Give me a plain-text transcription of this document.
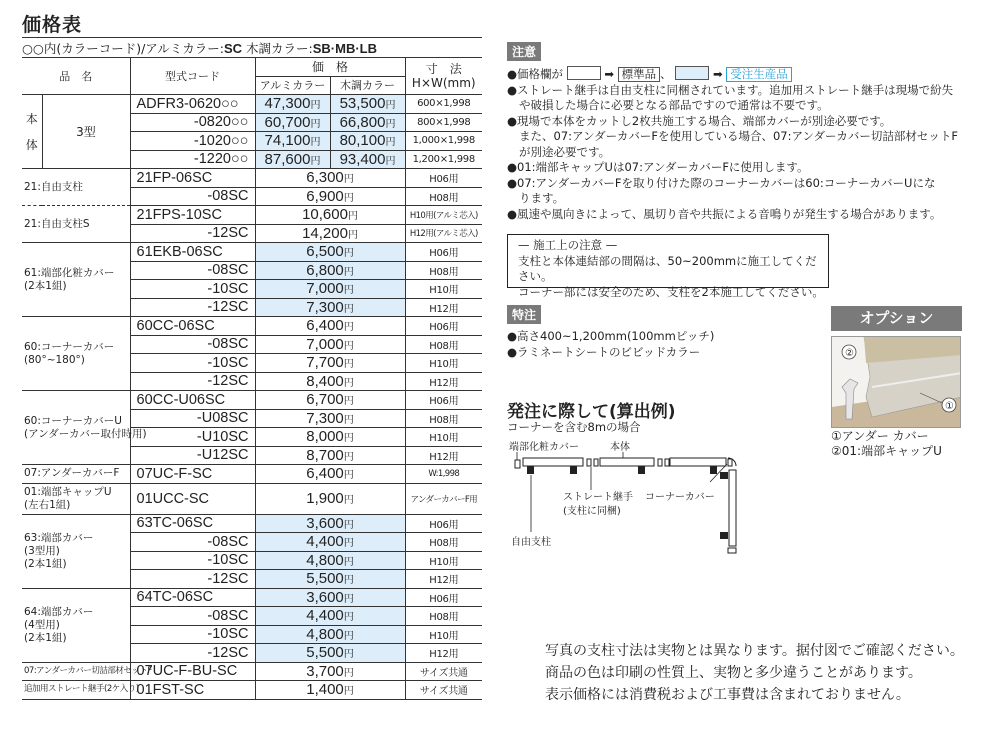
価格表
○○内(カラーコード)/アルミカラー:SC 木調カラー:SB·MB·LB
品　名		型式コード	価　格		寸　法
H×W(mm)
			アルミカラー	木調カラー	
本
体	3型	ADFR3-0620○○	47,300円	53,500円	600×1,998
		-0820○○	60,700円	66,800円	800×1,998
		-1020○○	74,100円	80,100円	1,000×1,998
		-1220○○	87,600円	93,400円	1,200×1,998
21:自由支柱		21FP-06SC	6,300円		H06用
		-08SC	6,900円		H08用
21:自由支柱S		21FPS-10SC	10,600円		H10用(アルミ芯入)
		-12SC	14,200円		H12用(アルミ芯入)
61:端部化粧カバー
(2本1組)		61EKB-06SC	6,500円		H06用
		-08SC	6,800円		H08用
		-10SC	7,000円		H10用
		-12SC	7,300円		H12用
60:コーナーカバー
(80°~180°)		60CC-06SC	6,400円		H06用
		-08SC	7,000円		H08用
		-10SC	7,700円		H10用
		-12SC	8,400円		H12用
60:コーナーカバーU
(アンダーカバー取付時用)		60CC-U06SC	6,700円		H06用
		-U08SC	7,300円		H08用
		-U10SC	8,000円		H10用
		-U12SC	8,700円		H12用
07:アンダーカバーF		07UC-F-SC	6,400円		W:1,998
01:端部キャップU
(左右1組)		01UCC-SC	1,900円		アンダーカバーF用
63:端部カバー
(3型用)
(2本1組)		63TC-06SC	3,600円		H06用
		-08SC	4,400円		H08用
		-10SC	4,800円		H10用
		-12SC	5,500円		H12用
64:端部カバー
(4型用)
(2本1組)		64TC-06SC	3,600円		H06用
		-08SC	4,400円		H08用
		-10SC	4,800円		H10用
		-12SC	5,500円		H12用
07:アンダーカバー切詰部材セットF		07UC-F-BU-SC	3,700円		サイズ共通
追加用ストレート継手(2ケ入り)		01FST-SC	1,400円		サイズ共通
注意
●価格欄が	➡ 標準品 、	➡ 受注生産品
●ストレート継手は自由支柱に同梱されています。追加用ストレート継手は現場で紛失
や破損した場合に必要となる部品ですので通常は不要です。
●現場で本体をカットし2枚共施工する場合、端部カバーが別途必要です。
また、07:アンダーカバーFを使用している場合、07:アンダーカバー切詰部材セットF
が別途必要です。
●01:端部キャップUは07:アンダーカバーFに使用します。
●07:アンダーカバーFを取り付けた際のコーナーカバーは60:コーナーカバーUにな
ります。
●風速や風向きによって、風切り音や共振による音鳴りが発生する場合があります。
— 施工上の注意 —
支柱と本体連結部の間隔は、50~200mmに施工してください。
コーナー部には安全のため、支柱を2本施工してください。
特注
●高さ400~1,200mm(100mmピッチ)
●ラミネートシートのビビッドカラー
発注に際して(算出例)
コーナーを含む8mの場合
端部化粧カバー	本体
ストレート継手
(支柱に同梱)
コーナーカバー
自由支柱
オプション
②
①
①アンダー カバー
②01:端部キャップU
写真の支柱寸法は実物とは異なります。据付図でご確認ください。
商品の色は印刷の性質上、実物と多少違うことがあります。
表示価格には消費税および工事費は含まれておりません。
